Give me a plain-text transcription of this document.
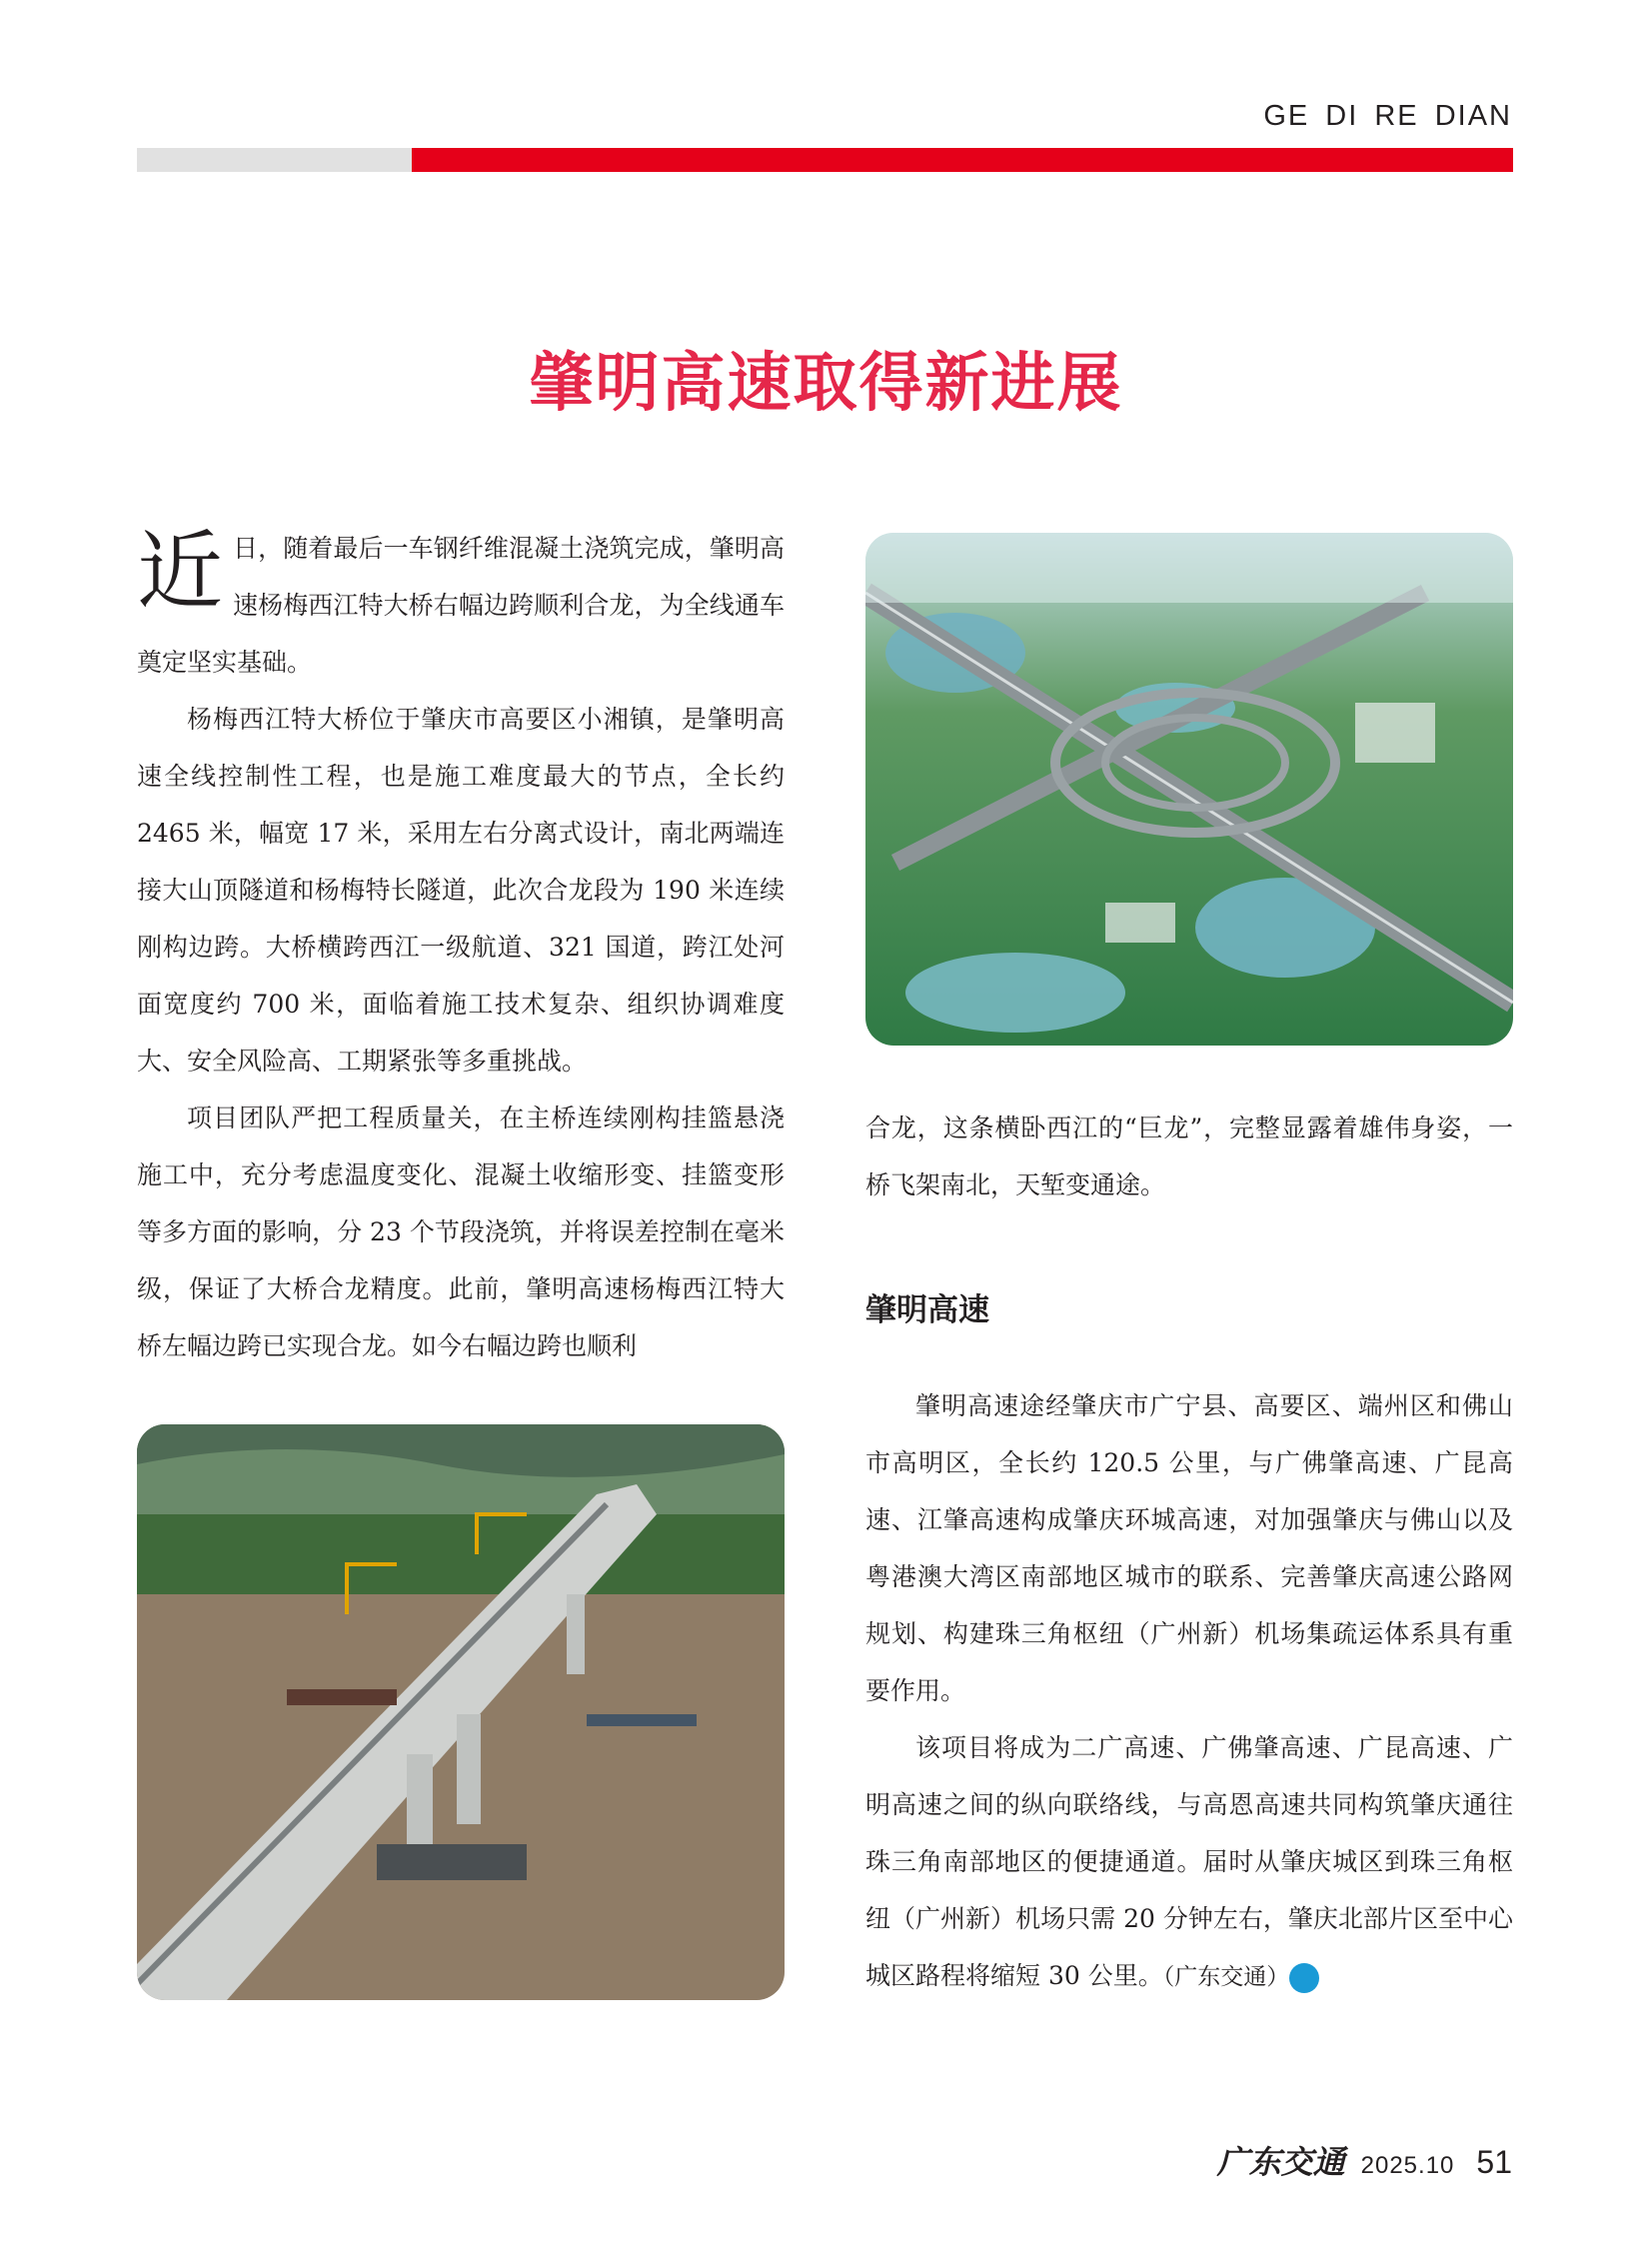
GE DI RE DIAN
肇明高速取得新进展

近日，随着最后一车钢纤维混凝土浇筑完成，肇明高速杨梅西江特大桥右幅边跨顺利合龙，为全线通车奠定坚实基础。

杨梅西江特大桥位于肇庆市高要区小湘镇，是肇明高速全线控制性工程，也是施工难度最大的节点，全长约 2465 米，幅宽 17 米，采用左右分离式设计，南北两端连接大山顶隧道和杨梅特长隧道，此次合龙段为 190 米连续刚构边跨。大桥横跨西江一级航道、321 国道，跨江处河面宽度约 700 米，面临着施工技术复杂、组织协调难度大、安全风险高、工期紧张等多重挑战。

项目团队严把工程质量关，在主桥连续刚构挂篮悬浇施工中，充分考虑温度变化、混凝土收缩形变、挂篮变形等多方面的影响，分 23 个节段浇筑，并将误差控制在毫米级，保证了大桥合龙精度。此前，肇明高速杨梅西江特大桥左幅边跨已实现合龙。如今右幅边跨也顺利

合龙，这条横卧西江的“巨龙”，完整显露着雄伟身姿，一桥飞架南北，天堑变通途。

肇明高速

肇明高速途经肇庆市广宁县、高要区、端州区和佛山市高明区，全长约 120.5 公里，与广佛肇高速、广昆高速、江肇高速构成肇庆环城高速，对加强肇庆与佛山以及粤港澳大湾区南部地区城市的联系、完善肇庆高速公路网规划、构建珠三角枢纽（广州新）机场集疏运体系具有重要作用。

该项目将成为二广高速、广佛肇高速、广昆高速、广明高速之间的纵向联络线，与高恩高速共同构筑肇庆通往珠三角南部地区的便捷通道。届时从肇庆城区到珠三角枢纽（广州新）机场只需 20 分钟左右，肇庆北部片区至中心城区路程将缩短 30 公里。（广东交通）	CTA

广东交通 2025.10 51
